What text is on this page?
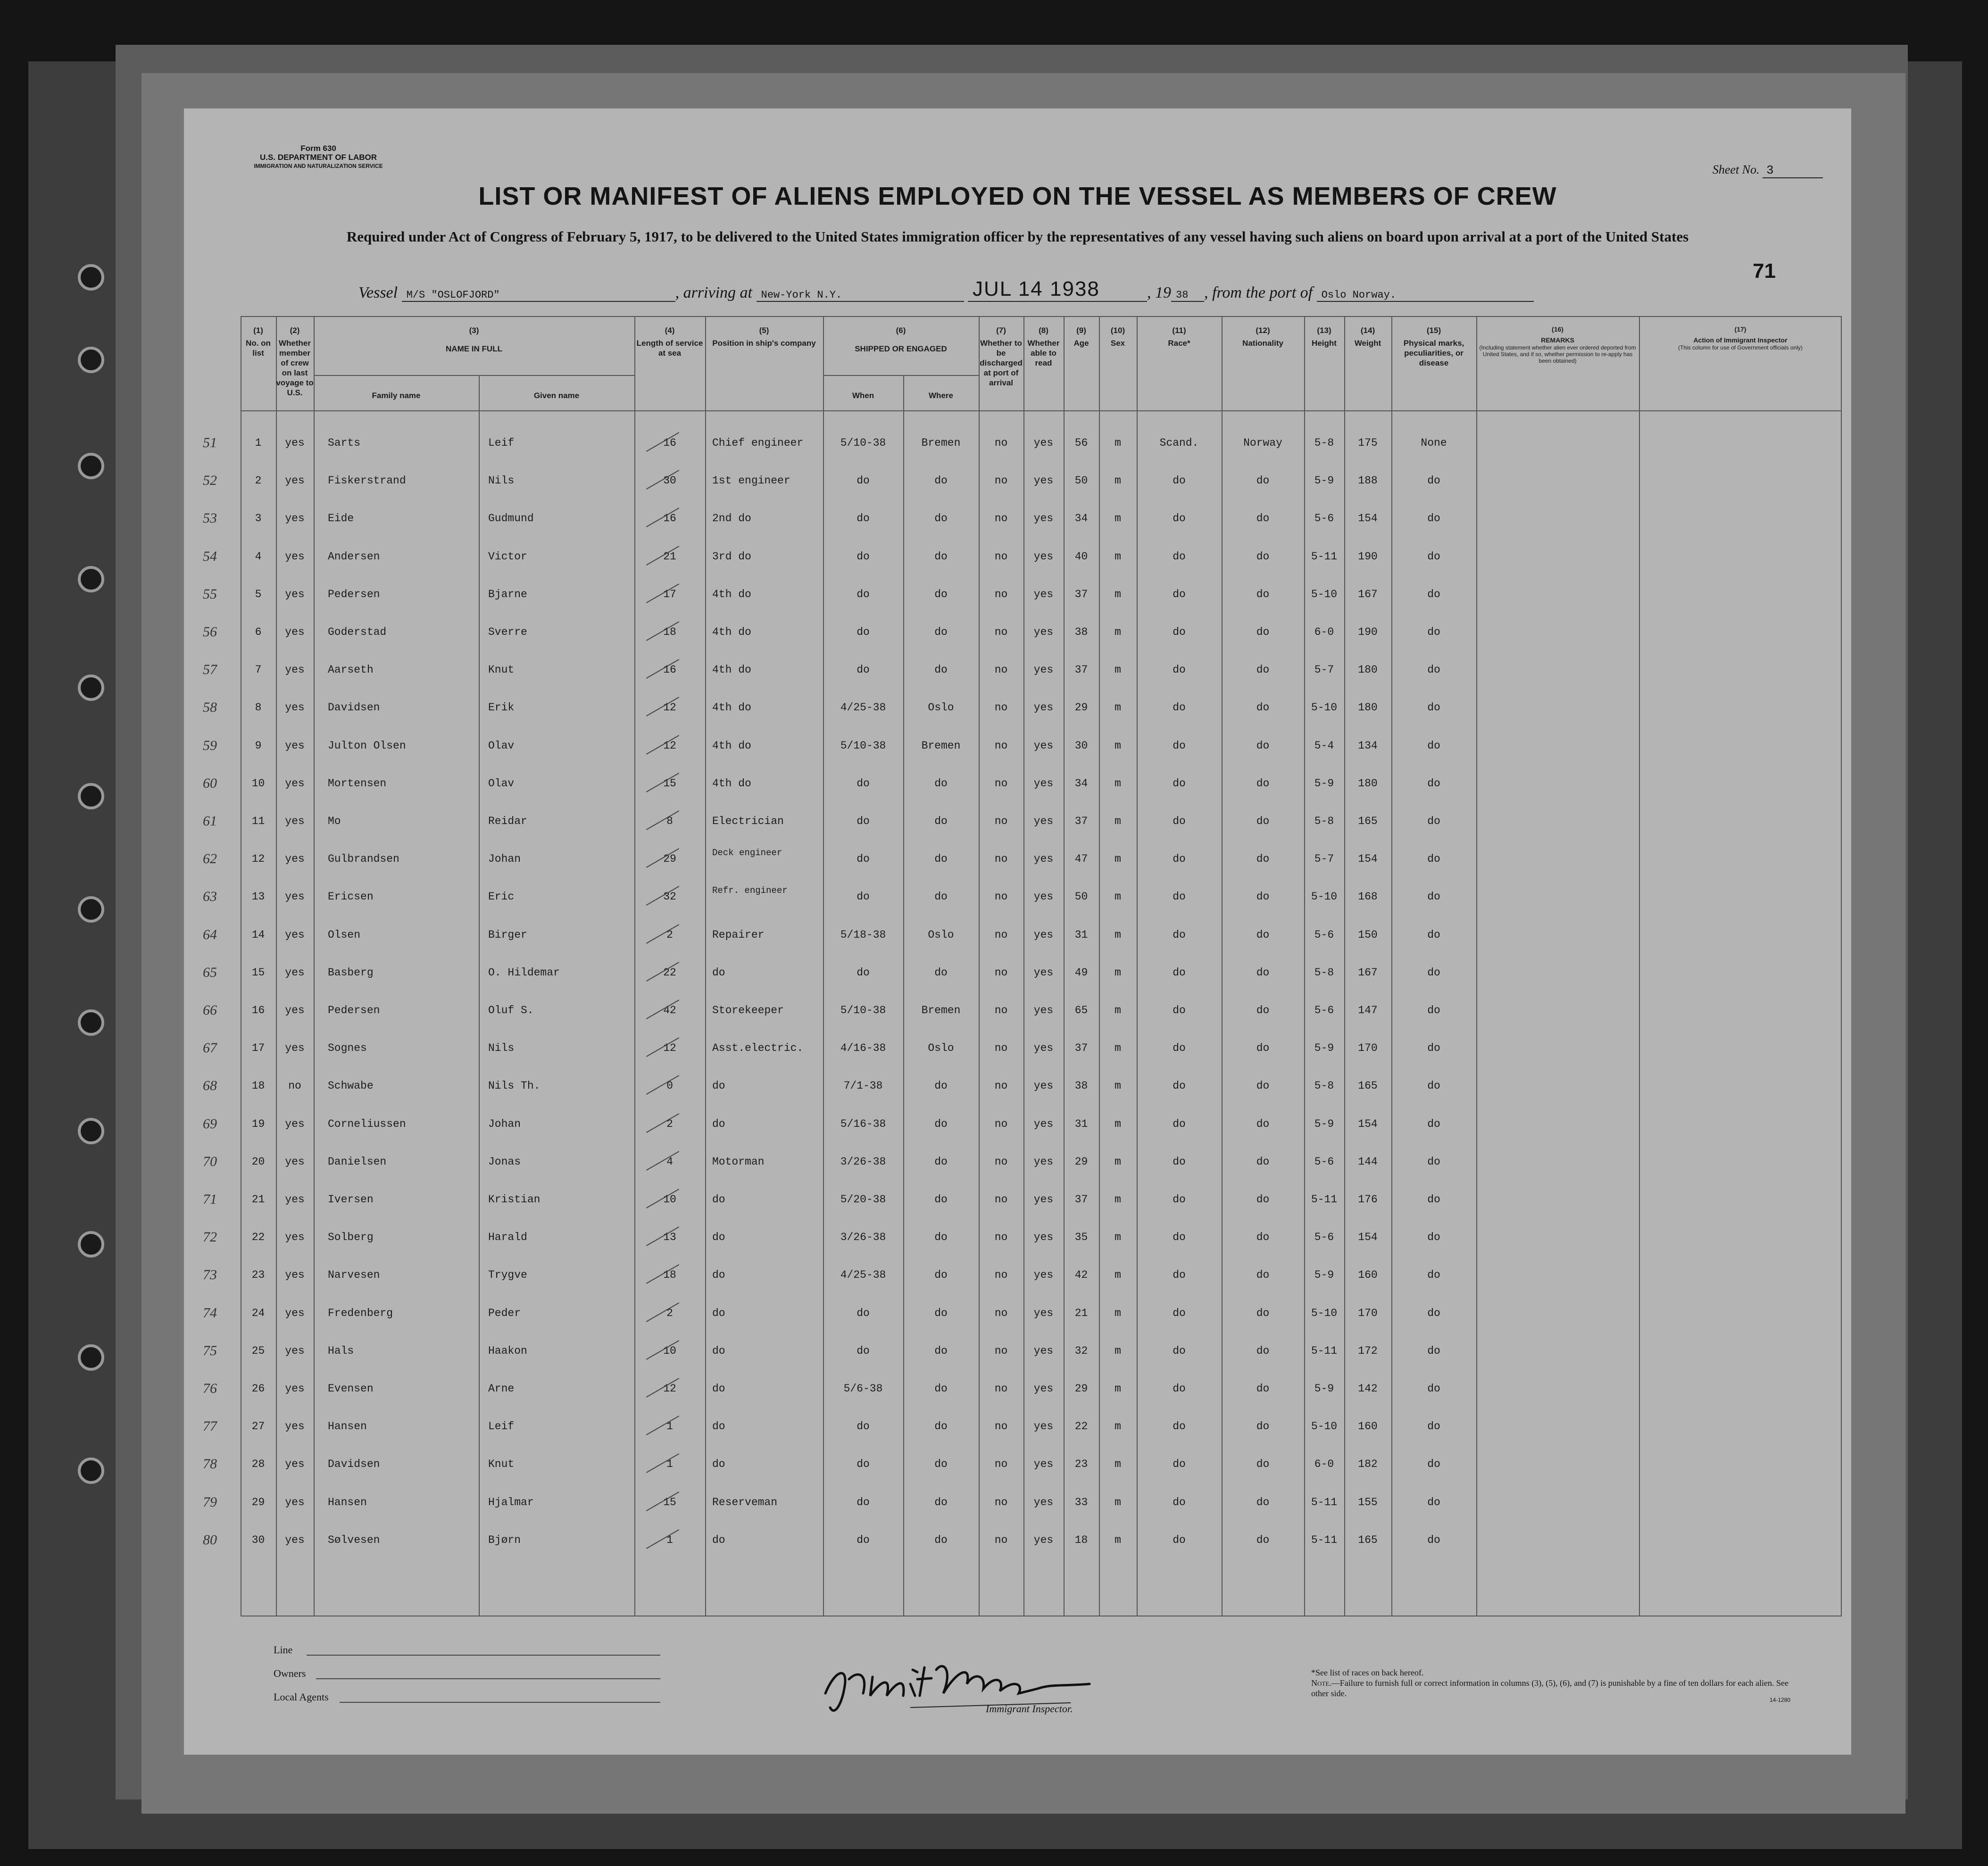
Form 630
U.S. DEPARTMENT OF LABOR
IMMIGRATION AND NATURALIZATION SERVICE	Sheet No. 3
LIST OR MANIFEST OF ALIENS EMPLOYED ON THE VESSEL AS MEMBERS OF CREW
Required under Act of Congress of February 5, 1917, to be delivered to the United States immigration officer by the representatives of any vessel having such aliens on board upon arrival at a port of the United States
71
Vessel M/S "OSLOFJORD"	, arriving at New-York N.Y.	JUL 14 1938	, 19 38 , from the port of Oslo Norway.
(1)
No. on list
(2)
Whether member of crew on last voyage to U.S.
(3)
NAME IN FULL
Family name	Given name
(4)
Length of service at sea
(5)
Position in ship's company
(6)
SHIPPED OR ENGAGED
When	Where
(7)
Whether to be discharged at port of arrival
(8)
Whether able to read
(9)
Age
(10)
Sex
(11)
Race*
(12)
Nationality
(13)
Height
(14)
Weight
(15)
Physical marks, peculiarities, or disease
(16)
REMARKS
(Including statement whether alien ever ordered deported from United States, and if so, whether permission to re-apply has been obtained)
(17)
Action of Immigrant Inspector
(This column for use of Government officials only)
1	yes	Sarts	Leif	16	Chief engineer	5/10-38	Bremen	no	yes	56	m	Scand.	Norway	5-8	175	None
2	yes	Fiskerstrand	Nils	30	1st engineer	do	do	no	yes	50	m	do	do	5-9	188	do
3	yes	Eide	Gudmund	16	2nd do	do	do	no	yes	34	m	do	do	5-6	154	do
4	yes	Andersen	Victor	21	3rd do	do	do	no	yes	40	m	do	do	5-11	190	do
5	yes	Pedersen	Bjarne	17	4th do	do	do	no	yes	37	m	do	do	5-10	167	do
6	yes	Goderstad	Sverre	18	4th do	do	do	no	yes	38	m	do	do	6-0	190	do
7	yes	Aarseth	Knut	16	4th do	do	do	no	yes	37	m	do	do	5-7	180	do
8	yes	Davidsen	Erik	12	4th do	4/25-38	Oslo	no	yes	29	m	do	do	5-10	180	do
9	yes	Julton Olsen	Olav	12	4th do	5/10-38	Bremen	no	yes	30	m	do	do	5-4	134	do
10	yes	Mortensen	Olav	15	4th do	do	do	no	yes	34	m	do	do	5-9	180	do
11	yes	Mo	Reidar	8	Electrician	do	do	no	yes	37	m	do	do	5-8	165	do
12	yes	Gulbrandsen	Johan	29	Deck engineer	do	do	no	yes	47	m	do	do	5-7	154	do
13	yes	Ericsen	Eric	32	Refr. engineer	do	do	no	yes	50	m	do	do	5-10	168	do
14	yes	Olsen	Birger	2	Repairer	5/18-38	Oslo	no	yes	31	m	do	do	5-6	150	do
15	yes	Basberg	O. Hildemar	22	do	do	do	no	yes	49	m	do	do	5-8	167	do
16	yes	Pedersen	Oluf S.	42	Storekeeper	5/10-38	Bremen	no	yes	65	m	do	do	5-6	147	do
17	yes	Sognes	Nils	12	Asst.electric.	4/16-38	Oslo	no	yes	37	m	do	do	5-9	170	do
18	no	Schwabe	Nils Th.	0	do	7/1-38	do	no	yes	38	m	do	do	5-8	165	do
19	yes	Corneliussen	Johan	2	do	5/16-38	do	no	yes	31	m	do	do	5-9	154	do
20	yes	Danielsen	Jonas	4	Motorman	3/26-38	do	no	yes	29	m	do	do	5-6	144	do
21	yes	Iversen	Kristian	10	do	5/20-38	do	no	yes	37	m	do	do	5-11	176	do
22	yes	Solberg	Harald	13	do	3/26-38	do	no	yes	35	m	do	do	5-6	154	do
23	yes	Narvesen	Trygve	18	do	4/25-38	do	no	yes	42	m	do	do	5-9	160	do
24	yes	Fredenberg	Peder	2	do	do	do	no	yes	21	m	do	do	5-10	170	do
25	yes	Hals	Haakon	10	do	do	do	no	yes	32	m	do	do	5-11	172	do
26	yes	Evensen	Arne	12	do	5/6-38	do	no	yes	29	m	do	do	5-9	142	do
27	yes	Hansen	Leif	1	do	do	do	no	yes	22	m	do	do	5-10	160	do
28	yes	Davidsen	Knut	1	do	do	do	no	yes	23	m	do	do	6-0	182	do
29	yes	Hansen	Hjalmar	15	Reserveman	do	do	no	yes	33	m	do	do	5-11	155	do
30	yes	Sølvesen	Bjørn	1	do	do	do	no	yes	18	m	do	do	5-11	165	do
51
52
53
54
55
56
57
58
59
60
61
62
63
64
65
66
67
68
69
70
71
72
73
74
75
76
77
78
79
80
Line
Owners
Local Agents
Immigrant Inspector.
*See list of races on back hereof.
Note.—Failure to furnish full or correct information in columns (3), (5), (6), and (7) is punishable by a fine of ten dollars for each alien. See other side.
14-1280
